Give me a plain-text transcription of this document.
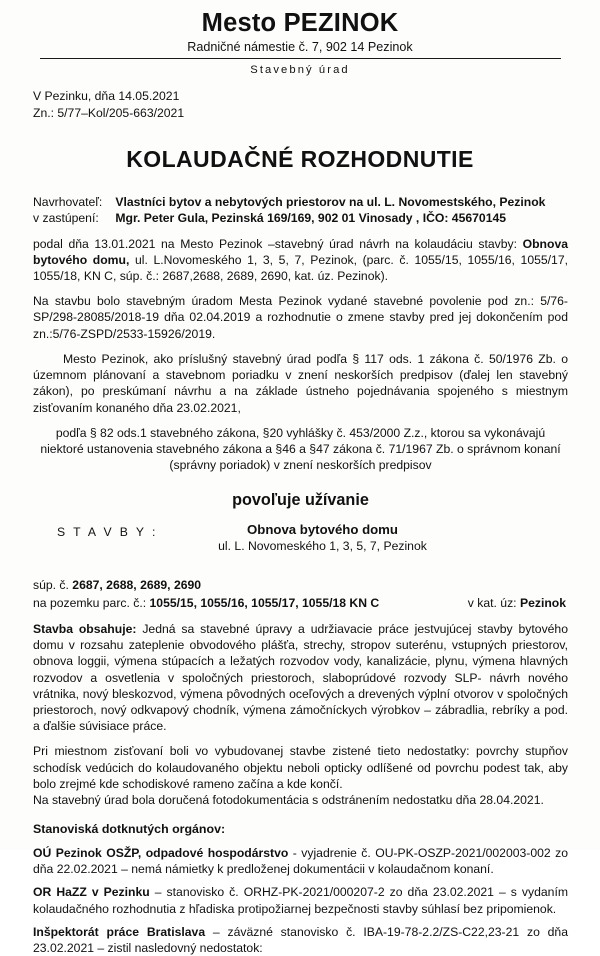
Mesto PEZINOK
Radničné námestie č. 7, 902 14 Pezinok
Stavebný úrad
V Pezinku, dňa 14.05.2021
Zn.: 5/77–Kol/205-663/2021
KOLAUDAČNÉ ROZHODNUTIE
Navrhovateľ:	Vlastníci bytov a nebytových priestorov na ul. L. Novomestského, Pezinok
v zastúpení:	Mgr. Peter Gula, Pezinská 169/169, 902 01 Vinosady , IČO: 45670145

podal dňa 13.01.2021 na Mesto Pezinok –stavebný úrad návrh na kolaudáciu stavby: Obnova bytového domu, ul. L.Novomeského 1, 3, 5, 7, Pezinok, (parc. č. 1055/15, 1055/16, 1055/17, 1055/18, KN C, súp. č.: 2687,2688, 2689, 2690, kat. úz. Pezinok).

Na stavbu bolo stavebným úradom Mesta Pezinok vydané stavebné povolenie pod zn.: 5/76-SP/298-28085/2018-19 dňa 02.04.2019 a rozhodnutie o zmene stavby pred jej dokončením pod zn.:5/76-ZSPD/2533-15926/2019.

Mesto Pezinok, ako príslušný stavebný úrad podľa § 117 ods. 1 zákona č. 50/1976 Zb. o územnom plánovaní a stavebnom poriadku v znení neskorších predpisov (ďalej len stavebný zákon), po preskúmaní návrhu a na základe ústneho pojednávania spojeného s miestnym zisťovaním konaného dňa 23.02.2021,

podľa § 82 ods.1 stavebného zákona, §20 vyhlášky č. 453/2000 Z.z., ktorou sa vykonávajú niektoré ustanovenia stavebného zákona a §46 a §47 zákona č. 71/1967 Zb. o správnom konaní (správny poriadok) v znení neskorších predpisov

povoľuje užívanie
S T A V B Y :	Obnova bytového domu
ul. L. Novomeského 1, 3, 5, 7, Pezinok
súp. č. 2687, 2688, 2689, 2690
v kat. úz: Pezinok
na pozemku parc. č.: 1055/15, 1055/16, 1055/17, 1055/18 KN C

Stavba obsahuje: Jedná sa stavebné úpravy a udržiavacie práce jestvujúcej stavby bytového domu v rozsahu zateplenie obvodového plášťa, strechy, stropov suterénu, vstupných priestorov, obnova loggii, výmena stúpacích a ležatých rozvodov vody, kanalizácie, plynu, výmena hlavných rozvodov a osvetlenia v spoločných priestoroch, slaboprúdové rozvody SLP- návrh nového vrátnika, nový bleskozvod, výmena pôvodných oceľových a drevených výplní otvorov v spoločných priestoroch, nový odkvapový chodník, výmena zámočníckych výrobkov – zábradlia, rebríky a pod. a ďalšie súvisiace práce.

Pri miestnom zisťovaní boli vo vybudovanej stavbe zistené tieto nedostatky: povrchy stupňov schodísk vedúcich do kolaudovaného objektu neboli opticky odlíšené od povrchu podest tak, aby bolo zrejmé kde schodiskové rameno začína a kde končí.
Na stavebný úrad bola doručená fotodokumentácia s odstránením nedostatku dňa 28.04.2021.

Stanoviská dotknutých orgánov:

OÚ Pezinok OSŽP, odpadové hospodárstvo - vyjadrenie č. OU-PK-OSZP-2021/002003-002 zo dňa 22.02.2021 – nemá námietky k predloženej dokumentácii v kolaudačnom konaní.

OR HaZZ v Pezinku – stanovisko č. ORHZ-PK-2021/000207-2 zo dňa 23.02.2021 – s vydaním kolaudačného rozhodnutia z hľadiska protipožiarnej bezpečnosti stavby súhlasí bez pripomienok.

Inšpektorát práce Bratislava – záväzné stanovisko č. IBA-19-78-2.2/ZS-C22,23-21 zo dňa 23.02.2021 – zistil nasledovný nedostatok:
